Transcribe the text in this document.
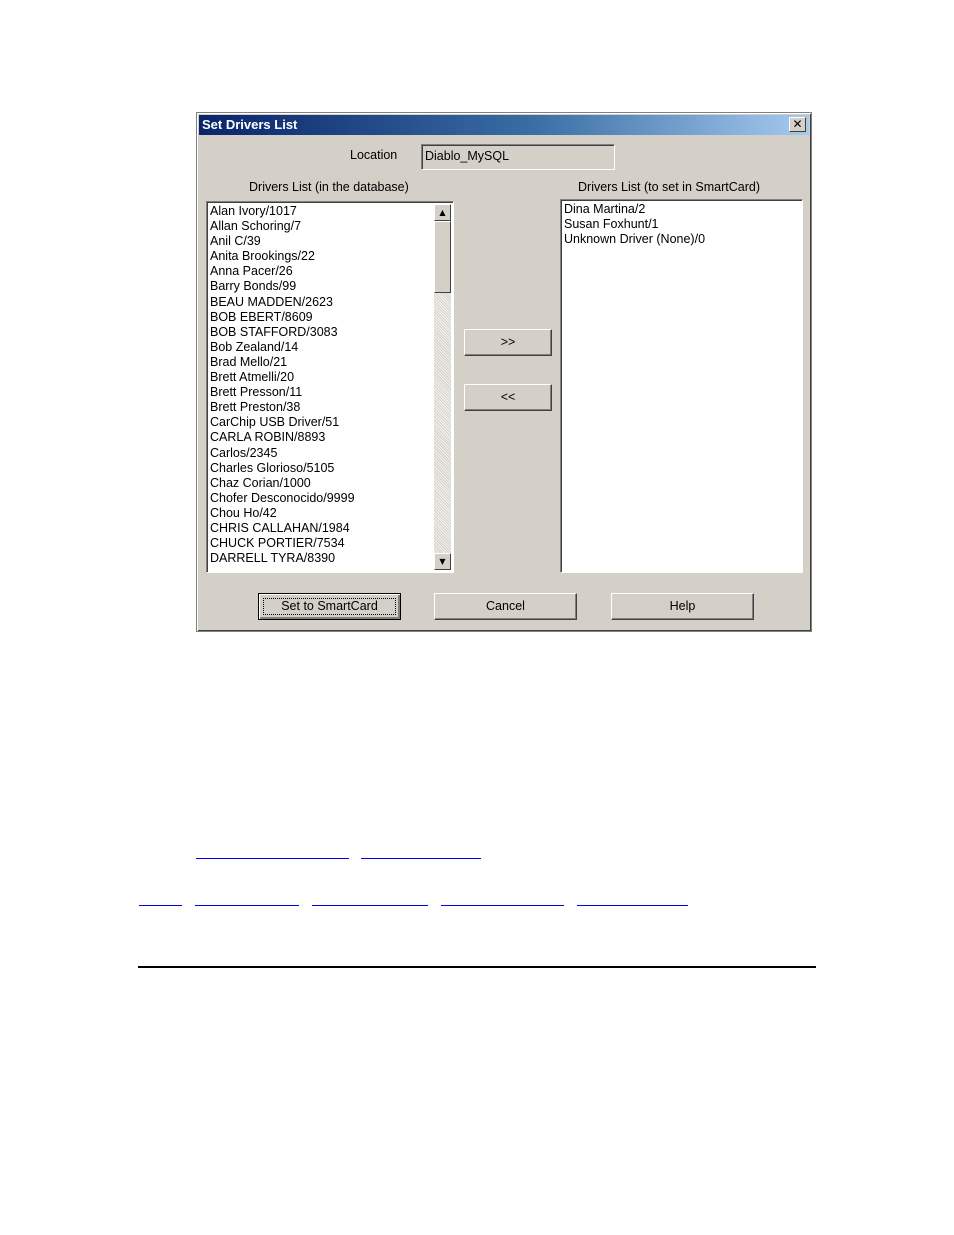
Set Drivers List	✕
Location	Diablo_MySQL
Drivers List (in the database)	Drivers List (to set in SmartCard)
Alan Ivory/1017
Allan Schoring/7
Anil C/39
Anita Brookings/22
Anna Pacer/26
Barry Bonds/99
BEAU MADDEN/2623
BOB EBERT/8609
BOB STAFFORD/3083
Bob Zealand/14
Brad Mello/21
Brett Atmelli/20
Brett Presson/11
Brett Preston/38
CarChip USB Driver/51
CARLA ROBIN/8893
Carlos/2345
Charles Glorioso/5105
Chaz Corian/1000
Chofer Desconocido/9999
Chou Ho/42
CHRIS CALLAHAN/1984
CHUCK PORTIER/7534
DARRELL TYRA/8390
▲
▼
Dina Martina/2
Susan Foxhunt/1
Unknown Driver (None)/0
>>
<<
Set to SmartCard	Cancel	Help
